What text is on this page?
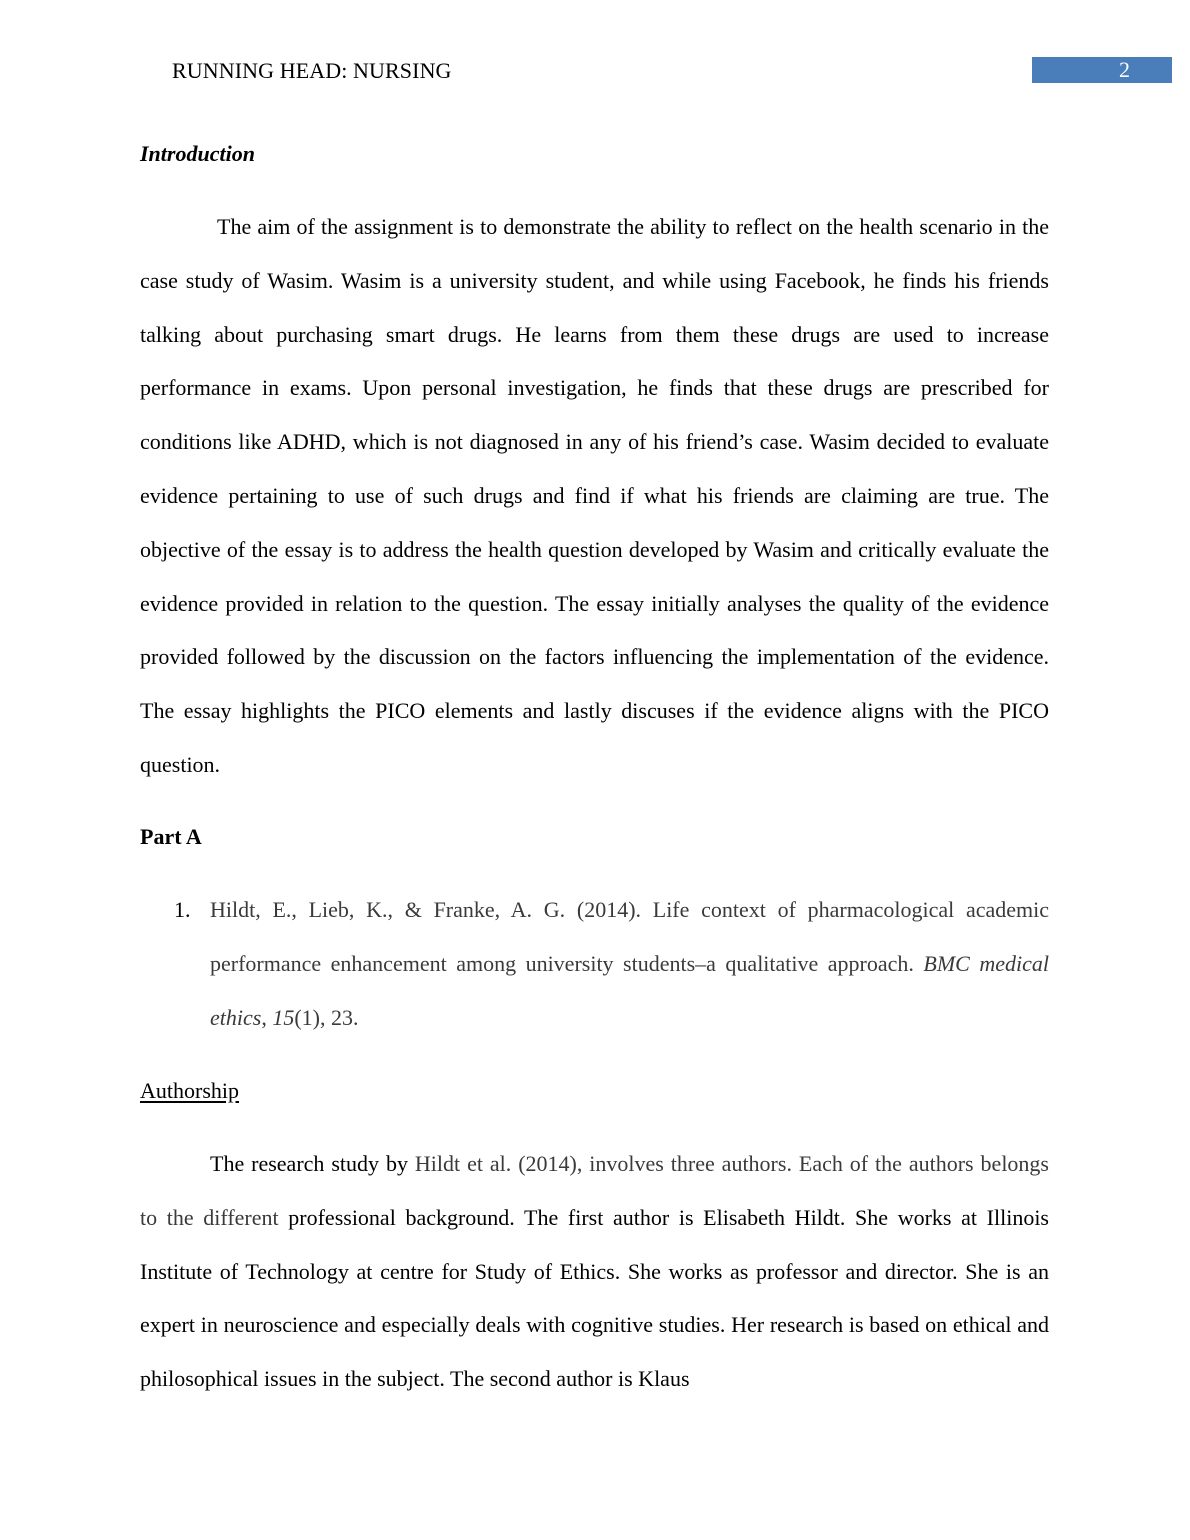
RUNNING HEAD: NURSING	2
Introduction

The aim of the assignment is to demonstrate the ability to reflect on the health scenario in the case study of Wasim. Wasim is a university student, and while using Facebook, he finds his friends talking about purchasing smart drugs. He learns from them these drugs are used to increase performance in exams. Upon personal investigation, he finds that these drugs are prescribed for conditions like ADHD, which is not diagnosed in any of his friend’s case. Wasim decided to evaluate evidence pertaining to use of such drugs and find if what his friends are claiming are true. The objective of the essay is to address the health question developed by Wasim and critically evaluate the evidence provided in relation to the question. The essay initially analyses the quality of the evidence provided followed by the discussion on the factors influencing the implementation of the evidence. The essay highlights the PICO elements and lastly discuses if the evidence aligns with the PICO question.

Part A

1. Hildt, E., Lieb, K., & Franke, A. G. (2014). Life context of pharmacological academic performance enhancement among university students–a qualitative approach. BMC medical ethics, 15(1), 23.

Authorship

The research study by Hildt et al. (2014), involves three authors. Each of the authors belongs to the different professional background. The first author is Elisabeth Hildt. She works at Illinois Institute of Technology at centre for Study of Ethics. She works as professor and director. She is an expert in neuroscience and especially deals with cognitive studies. Her research is based on ethical and philosophical issues in the subject. The second author is Klaus
